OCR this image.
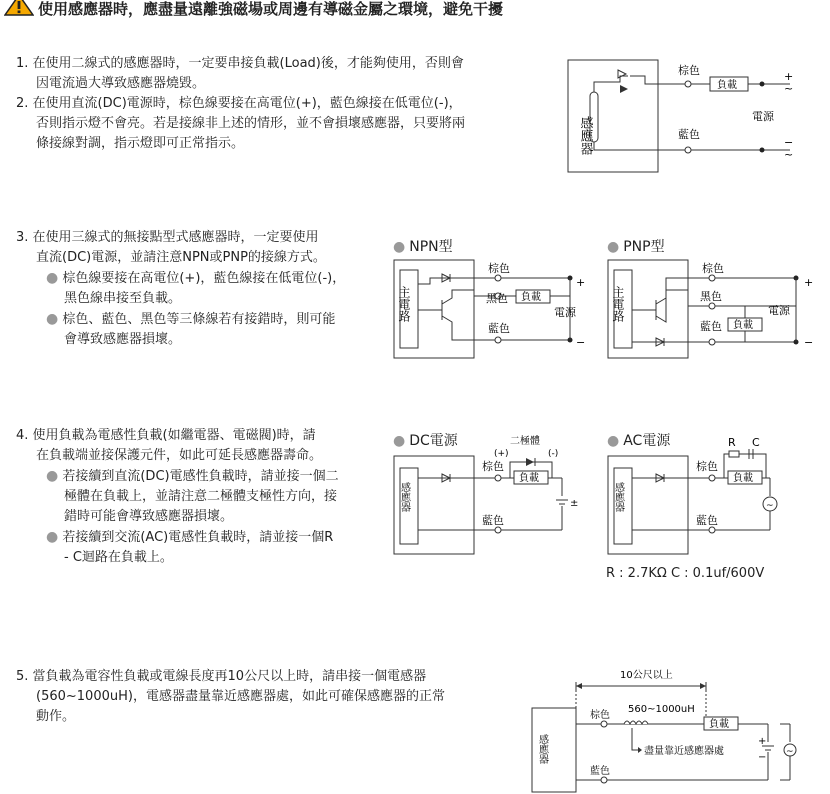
使用感應器時，應盡量遠離強磁場或周邊有導磁金屬之環境，避免干擾
1. 在使用二線式的感應器時，一定要串接負載(Load)後，才能夠使用，否則會
因電流過大導致感應器燒毀。
2. 在使用直流(DC)電源時，棕色線要接在高電位(+)，藍色線接在低電位(-)，
否則指示燈不會亮。若是接線非上述的情形，並不會損壞感應器，只要將兩
條接線對調，指示燈即可正常指示。	感應器
棕色
藍色
負載
+
~
電源
−
~
3. 在使用三線式的無接點型式感應器時，一定要使用
直流(DC)電源，並請注意NPN或PNP的接線方式。
● 棕色線要接在高電位(+)，藍色線接在低電位(-)，
黑色線串接至負載。
● 棕色、藍色、黑色等三條線若有接錯時，則可能
會導致感應器損壞。
● NPN型
主電路
棕色
黑色
藍色
負載
電源
+
−
● PNP型
主電路
棕色
黑色
藍色 負載
電源
+
−
4. 使用負載為電感性負載(如繼電器、電磁閥)時，請
在負載端並接保護元件，如此可延長感應器壽命。
● 若接續到直流(DC)電感性負載時，請並接一個二
極體在負載上，並請注意二極體支極性方向，接
錯時可能會導致感應器損壞。
● 若接續到交流(AC)電感性負載時，請並接一個R
- C迴路在負載上。
● DC電源
感應器
棕色
藍色
二極體
(+)	(-)
負載
±
● AC電源
感應器
棕色
藍色
R C
負載
~
R : 2.7KΩ C : 0.1uf/600V
5. 當負載為電容性負載或電線長度再10公尺以上時，請串接一個電感器
(560~1000uH)，電感器盡量靠近感應器處，如此可確保感應器的正常
動作。
10公尺以上
感應器
棕色
藍色
560~1000uH
負載
盡量靠近感應器處
+
− ~
